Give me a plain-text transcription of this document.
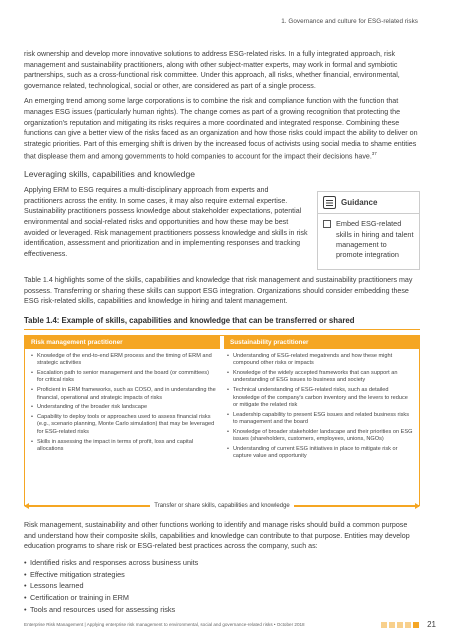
1. Governance and culture for ESG-related risks

risk ownership and develop more innovative solutions to address ESG-related risks. In a fully integrated approach, risk management and sustainability practitioners, along with other subject-matter experts, may work in formal and symbiotic partnerships, such as a cross-functional risk committee. Under this approach, all risks, whether financial, environmental, governance related, technological, social or other, are considered as part of a single process.

An emerging trend among some large corporations is to combine the risk and compliance function with the function that manages ESG issues (particularly human rights). The change comes as part of a growing recognition that protecting the organization's reputation and mitigating its risks requires a more coordinated and integrated response. Combining these functions can give a better view of the risks faced as an organization and how those risks could impact the ability to deliver on strategic priorities. Part of this emerging shift is driven by the increased focus of activists using social media to shame entities that displease them and among governments to hold companies to account for the impact their decisions have.$^{37}$

Leveraging skills, capabilities and knowledge

Applying ERM to ESG requires a multi-disciplinary approach from experts and practitioners across the entity. In some cases, it may also require external expertise. Sustainability practitioners possess knowledge about stakeholder expectations, potential environmental and social-related risks and opportunities and how these may be best avoided or leveraged. Risk management practitioners possess knowledge and skills in risk identification, assessment and prioritization and in implementing responses and tracking effectiveness.

Guidance
Embed ESG-related skills in hiring and talent management to promote integration

Table 1.4 highlights some of the skills, capabilities and knowledge that risk management and sustainability practitioners may possess. Transferring or sharing these skills can support ESG integration. Organizations should consider embedding these ESG risk-related skills, capabilities and knowledge in hiring and talent management.

Table 1.4: Example of skills, capabilities and knowledge that can be transferred or shared
Risk management practitioner	Sustainability practitioner
• Knowledge of the end-to-end ERM process and the timing of ERM and strategic activities
• Escalation path to senior management and the board (or committees) for critical risks
• Proficient in ERM frameworks, such as COSO, and in understanding the financial, operational and strategic impacts of risks
• Understanding of the broader risk landscape
• Capability to deploy tools or approaches used to assess financial risks (e.g., scenario planning, Monte Carlo simulation) that may be leveraged for ESG-related risks
• Skills in assessing the impact in terms of profit, loss and capital allocations
• Understanding of ESG-related megatrends and how these might compound other risks or impacts
• Knowledge of the widely accepted frameworks that can support an understanding of ESG issues to business and society
• Technical understanding of ESG-related risks, such as detailed knowledge of the company's carbon inventory and the levers to reduce or mitigate the related risk
• Leadership capability to present ESG issues and related business risks to management and the board
• Knowledge of broader stakeholder landscape and their priorities on ESG issues (shareholders, customers, employees, unions, NGOs)
• Understanding of current ESG initiatives in place to mitigate risk or capture value and opportunity
Transfer or share skills, capabilities and knowledge

Risk management, sustainability and other functions working to identify and manage risks should build a common purpose and understand how their composite skills, capabilities and knowledge can contribute to that purpose. Entities may develop education programs to share risk or ESG-related best practices across the company, such as:

• Identified risks and responses across business units
• Effective mitigation strategies
• Lessons learned
• Certification or training in ERM
• Tools and resources used for assessing risks
Enterprise Risk Management | Applying enterprise risk management to environmental, social and governance-related risks • October 2018	21
